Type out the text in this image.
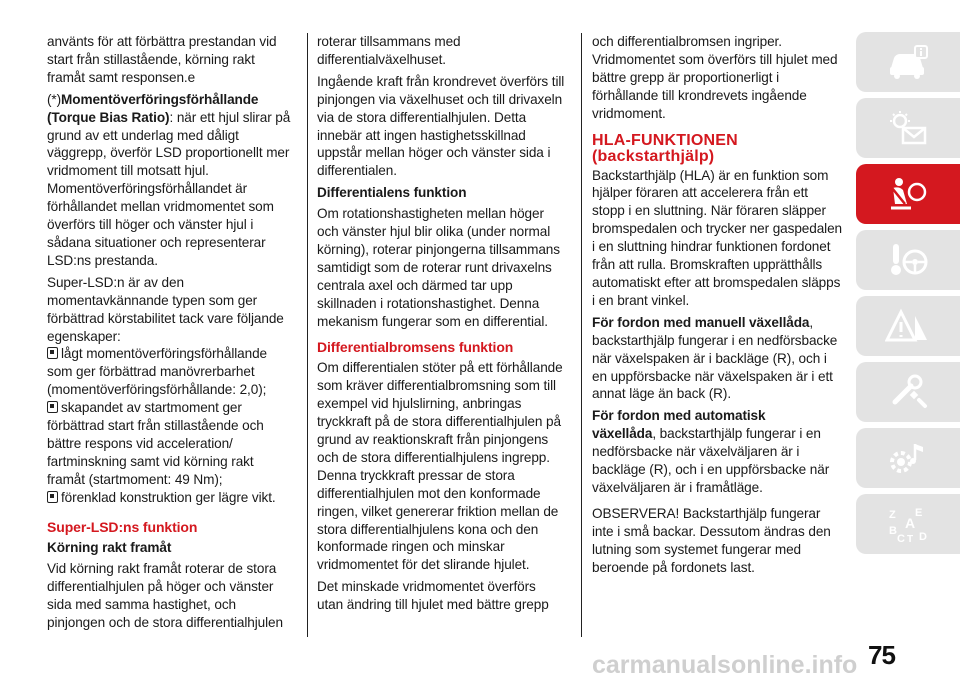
använts för att förbättra prestandan vid start från stillastående, körning rakt framåt samt responsen.e

(*)Momentöverföringsförhållande (Torque Bias Ratio): när ett hjul slirar på grund av ett underlag med dåligt väggrepp, överför LSD proportionellt mer vridmoment till motsatt hjul. Momentöverföringsförhållandet är förhållandet mellan vridmomentet som överförs till höger och vänster hjul i sådana situationer och representerar LSD:ns prestanda.

Super-LSD:n är av den momentavkännande typen som ger förbättrad körstabilitet tack vare följande egenskaper:

lågt momentöverföringsförhållande som ger förbättrad manövrerbarhet (momentöverföringsförhållande: 2,0);
skapandet av startmoment ger förbättrad start från stillastående och bättre respons vid acceleration/ fartminskning samt vid körning rakt framåt (startmoment: 49 Nm);
förenklad konstruktion ger lägre vikt.
Super-LSD:ns funktion
Körning rakt framåt

Vid körning rakt framåt roterar de stora differentialhjulen på höger och vänster sida med samma hastighet, och pinjongen och de stora differentialhjulen

roterar tillsammans med differentialväxelhuset.

Ingående kraft från krondrevet överförs till pinjongen via växelhuset och till drivaxeln via de stora differentialhjulen. Detta innebär att ingen hastighetsskillnad uppstår mellan höger och vänster sida i differentialen.

Differentialens funktion

Om rotationshastigheten mellan höger och vänster hjul blir olika (under normal körning), roterar pinjongerna tillsammans samtidigt som de roterar runt drivaxelns centrala axel och därmed tar upp skillnaden i rotationshastighet. Denna mekanism fungerar som en differential.

Differentialbromsens funktion

Om differentialen stöter på ett förhållande som kräver differentialbromsning som till exempel vid hjulslirning, anbringas tryckkraft på de stora differentialhjulen på grund av reaktionskraft från pinjongens och de stora differentialhjulens ingrepp. Denna tryckkraft pressar de stora differentialhjulen mot den konformade ringen, vilket genererar friktion mellan de stora differentialhjulens kona och den konformade ringen och minskar vridmomentet för det slirande hjulet.

Det minskade vridmomentet överförs utan ändring till hjulet med bättre grepp

och differentialbromsen ingriper. Vridmomentet som överförs till hjulet med bättre grepp är proportionerligt i förhållande till krondrevets ingående vridmoment.

HLA-FUNKTIONEN
(backstarthjälp)

Backstarthjälp (HLA) är en funktion som hjälper föraren att accelerera från ett stopp i en sluttning. När föraren släpper bromspedalen och trycker ner gaspedalen i en sluttning hindrar funktionen fordonet från att rulla. Bromskraften upprätthålls automatiskt efter att bromspedalen släpps i en brant vinkel.

För fordon med manuell växellåda, backstarthjälp fungerar i en nedförsbacke när växelspaken är i backläge (R), och i en uppförsbacke när växelspaken är i ett annat läge än back (R).

För fordon med automatisk
växellåda, backstarthjälp fungerar i en nedförsbacke när växelväljaren är i backläge (R), och i en uppförsbacke när växelväljaren är i framåtläge.

OBSERVERA! Backstarthjälp fungerar inte i små backar. Dessutom ändras den lutning som systemet fungerar med beroende på fordonets last.

Z E
A
B
C T D
75
carmanualsonline.info
